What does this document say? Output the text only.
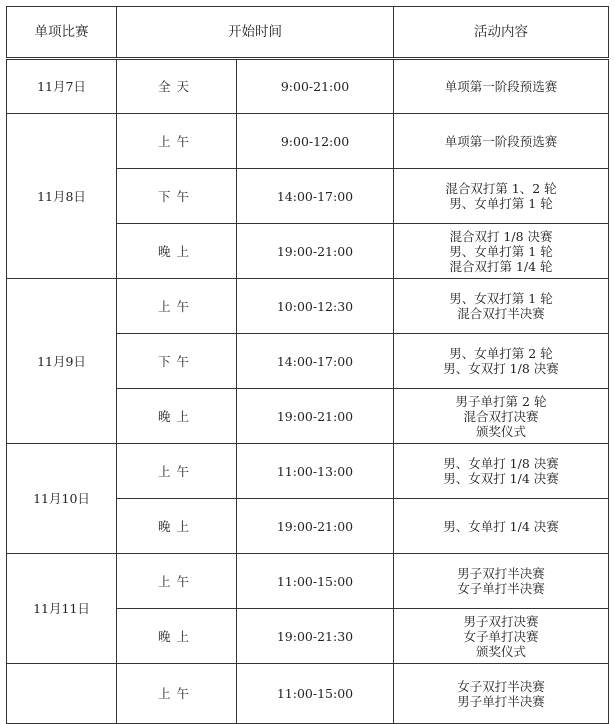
单项比赛	开始时间		活动内容
11月7日	全天	9:00-21:00	单项第一阶段预选赛

11月8日	上午	9:00-12:00	单项第一阶段预选赛

	下午	14:00-17:00	混合双打第 1、2 轮
男、女单打第 1 轮

	晚上	19:00-21:00	混合双打 1/8 决赛
男、女单打第 1 轮
混合双打第 1/4 轮

11月9日	上午	10:00-12:30	男、女双打第 1 轮
混合双打半决赛

	下午	14:00-17:00	男、女单打第 2 轮
男、女双打 1/8 决赛

	晚上	19:00-21:00	男子单打第 2 轮
混合双打决赛
颁奖仪式

11月10日	上午	11:00-13:00	男、女单打 1/8 决赛
男、女双打 1/4 决赛

	晚上	19:00-21:00	男、女单打 1/4 决赛

11月11日	上午	11:00-15:00	男子双打半决赛
女子单打半决赛

	晚上	19:00-21:30	男子双打决赛
女子单打决赛
颁奖仪式

	上午	11:00-15:00	女子双打半决赛
男子单打半决赛
